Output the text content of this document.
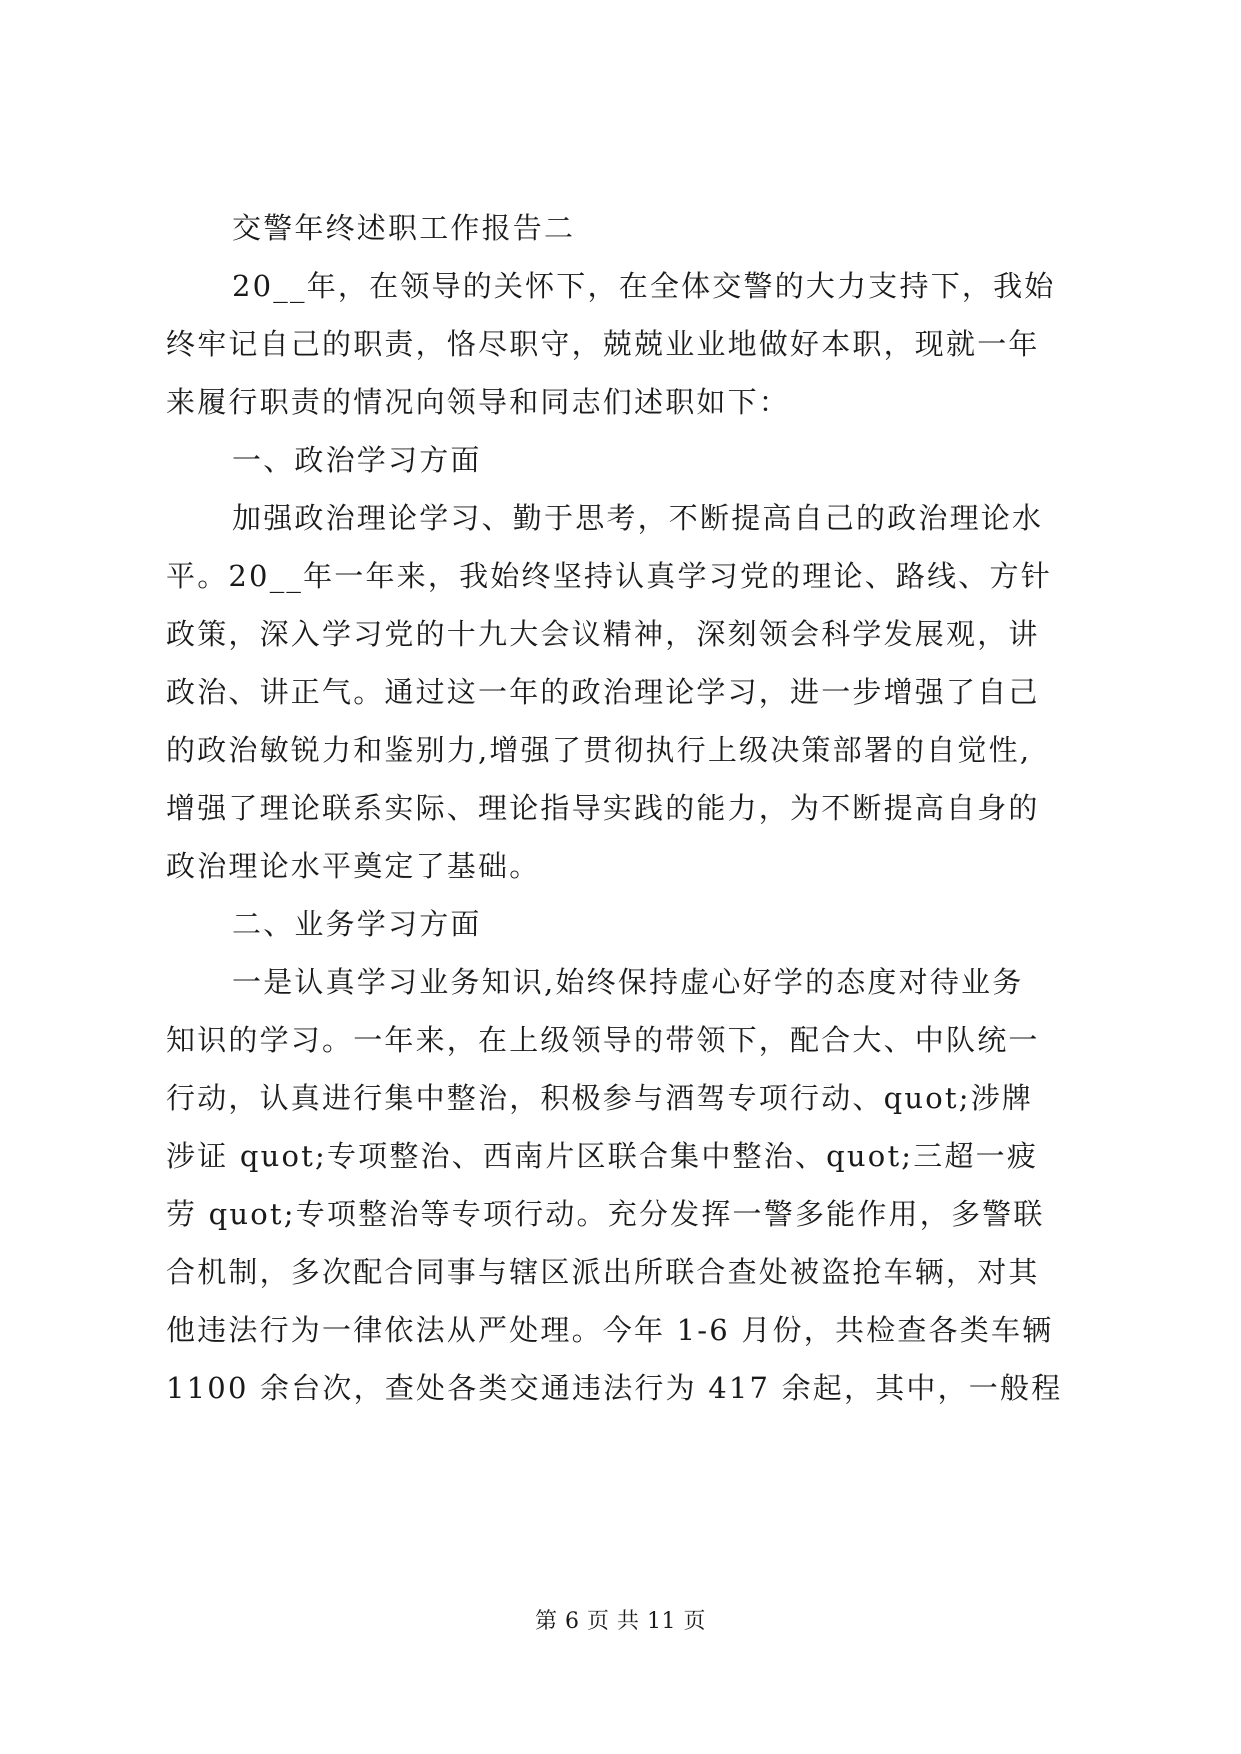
交警年终述职工作报告二
20__年，在领导的关怀下，在全体交警的大力支持下，我始
终牢记自己的职责，恪尽职守，兢兢业业地做好本职，现就一年
来履行职责的情况向领导和同志们述职如下：
一、政治学习方面
加强政治理论学习、勤于思考，不断提高自己的政治理论水
平。20__年一年来，我始终坚持认真学习党的理论、路线、方针
政策，深入学习党的十九大会议精神，深刻领会科学发展观，讲
政治、讲正气。通过这一年的政治理论学习，进一步增强了自己
的政治敏锐力和鉴别力,增强了贯彻执行上级决策部署的自觉性,
增强了理论联系实际、理论指导实践的能力，为不断提高自身的
政治理论水平奠定了基础。
二、业务学习方面
一是认真学习业务知识,始终保持虚心好学的态度对待业务
知识的学习。一年来，在上级领导的带领下，配合大、中队统一
行动，认真进行集中整治，积极参与酒驾专项行动、quot;涉牌
涉证 quot;专项整治、西南片区联合集中整治、quot;三超一疲
劳 quot;专项整治等专项行动。充分发挥一警多能作用，多警联
合机制，多次配合同事与辖区派出所联合查处被盗抢车辆，对其
他违法行为一律依法从严处理。今年 1-6 月份，共检查各类车辆
1100 余台次，查处各类交通违法行为 417 余起，其中，一般程
第 6 页 共 11 页
